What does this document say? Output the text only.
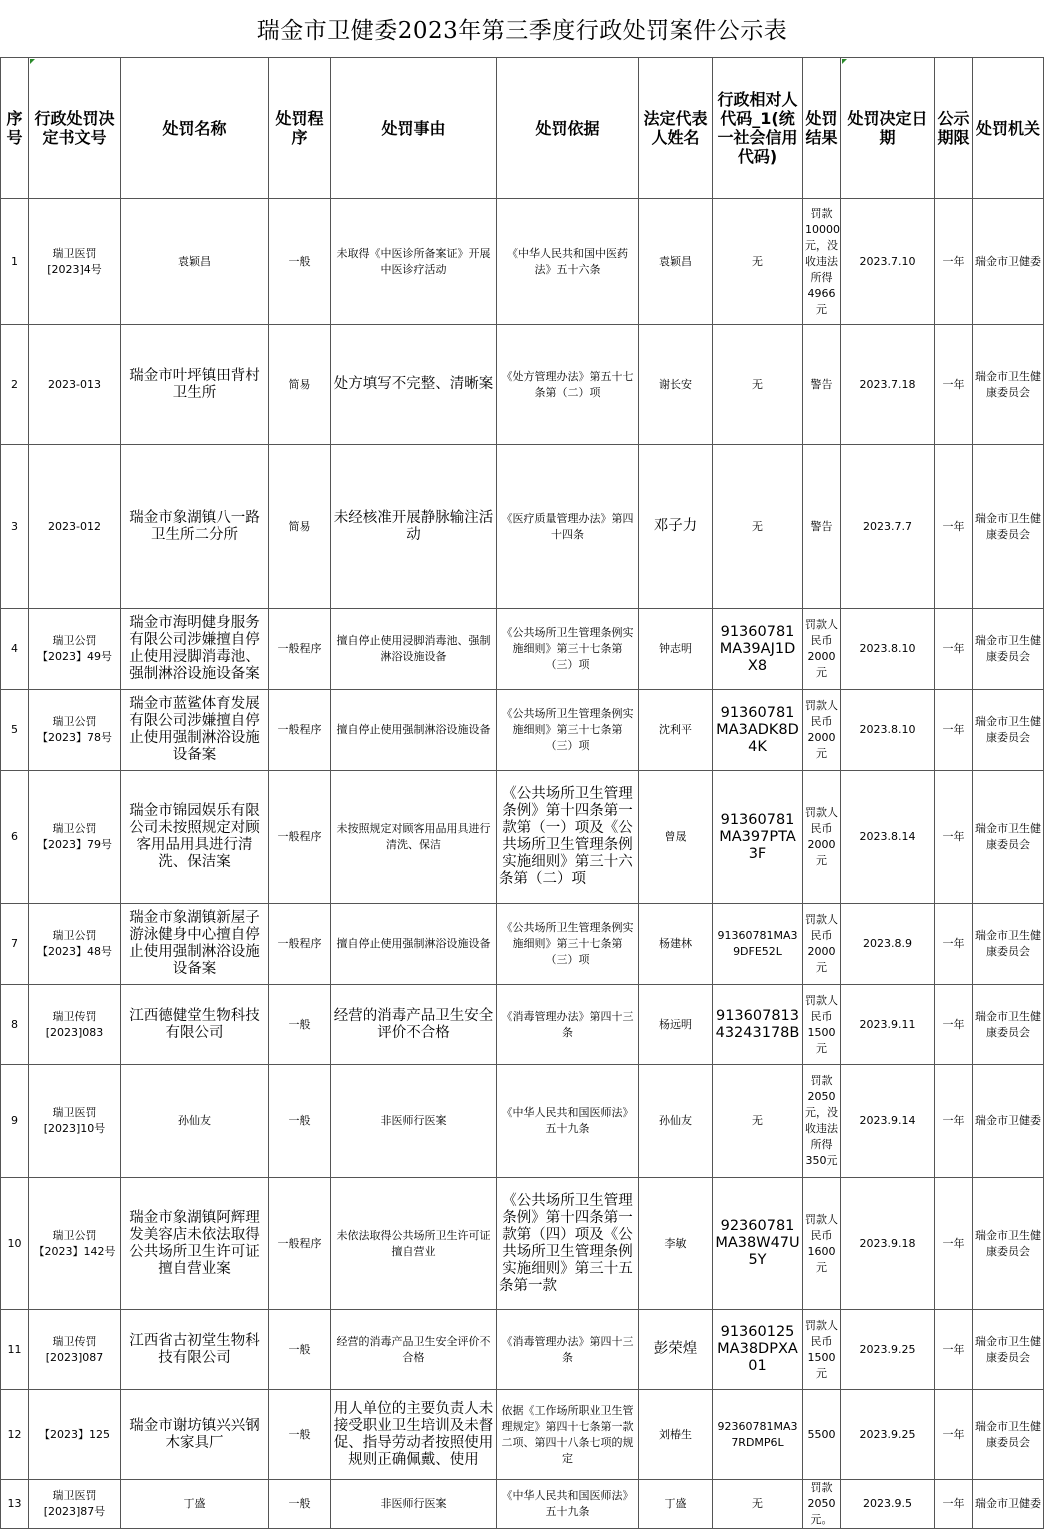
瑞金市卫健委2023年第三季度行政处罚案件公示表
序号	行政处罚决定书文号	处罚名称	处罚程序	处罚事由	处罚依据	法定代表人姓名	行政相对人代码_1(统一社会信用代码)	处罚结果	处罚决定日期	公示期限	处罚机关
1	瑞卫医罚[2023]4号	袁颖昌	一般	未取得《中医诊所备案证》开展中医诊疗活动	《中华人民共和国中医药法》五十六条	袁颖昌	无	罚款10000元，没收违法所得4966元	2023.7.10	一年	瑞金市卫健委
2	2023-013	瑞金市叶坪镇田背村卫生所	简易	处方填写不完整、清晰案	《处方管理办法》第五十七条第（二）项	谢长安	无	警告	2023.7.18	一年	瑞金市卫生健康委员会
3	2023-012	瑞金市象湖镇八一路卫生所二分所	简易	未经核准开展静脉输注活动	《医疗质量管理办法》第四十四条	邓子力	无	警告	2023.7.7	一年	瑞金市卫生健康委员会
4	瑞卫公罚【2023】49号	瑞金市海明健身服务有限公司涉嫌擅自停止使用浸脚消毒池、强制淋浴设施设备案	一般程序	擅自停止使用浸脚消毒池、强制淋浴设施设备	《公共场所卫生管理条例实施细则》第三十七条第（三）项	钟志明	91360781MA39AJ1DX8	罚款人民币2000元	2023.8.10	一年	瑞金市卫生健康委员会
5	瑞卫公罚【2023】78号	瑞金市蓝鲨体育发展有限公司涉嫌擅自停止使用强制淋浴设施设备案	一般程序	擅自停止使用强制淋浴设施设备	《公共场所卫生管理条例实施细则》第三十七条第（三）项	沈利平	91360781MA3ADK8D4K	罚款人民币2000元	2023.8.10	一年	瑞金市卫生健康委员会
6	瑞卫公罚【2023】79号	瑞金市锦园娱乐有限公司未按照规定对顾客用品用具进行清洗、保洁案	一般程序	未按照规定对顾客用品用具进行清洗、保洁	《公共场所卫生管理条例》第十四条第一款第（一）项及《公共场所卫生管理条例实施细则》第三十六条第（二）项	曾晟	91360781MA397PTA3F	罚款人民币2000元	2023.8.14	一年	瑞金市卫生健康委员会
7	瑞卫公罚【2023】48号	瑞金市象湖镇新屋子游泳健身中心擅自停止使用强制淋浴设施设备案	一般程序	擅自停止使用强制淋浴设施设备	《公共场所卫生管理条例实施细则》第三十七条第（三）项	杨建林	91360781MA39DFE52L	罚款人民币2000元	2023.8.9	一年	瑞金市卫生健康委员会
8	瑞卫传罚[2023]083	江西德健堂生物科技有限公司	一般	经营的消毒产品卫生安全评价不合格	《消毒管理办法》第四十三条	杨远明	91360781343243178B	罚款人民币1500元	2023.9.11	一年	瑞金市卫生健康委员会
9	瑞卫医罚[2023]10号	孙仙友	一般	非医师行医案	《中华人民共和国医师法》五十九条	孙仙友	无	罚款2050元，没收违法所得350元	2023.9.14	一年	瑞金市卫健委
10	瑞卫公罚【2023】142号	瑞金市象湖镇阿辉理发美容店未依法取得公共场所卫生许可证擅自营业案	一般程序	未依法取得公共场所卫生许可证擅自营业	《公共场所卫生管理条例》第十四条第一款第（四）项及《公共场所卫生管理条例实施细则》第三十五条第一款	李敏	92360781MA38W47U5Y	罚款人民币1600元	2023.9.18	一年	瑞金市卫生健康委员会
11	瑞卫传罚[2023]087	江西省古初堂生物科技有限公司	一般	经营的消毒产品卫生安全评价不合格	《消毒管理办法》第四十三条	彭荣煌	91360125MA38DPXA01	罚款人民币1500元	2023.9.25	一年	瑞金市卫生健康委员会
12	【2023】125	瑞金市谢坊镇兴兴钢木家具厂	一般	用人单位的主要负责人未接受职业卫生培训及未督促、指导劳动者按照使用规则正确佩戴、使用	依据《工作场所职业卫生管理规定》第四十七条第一款二项、第四十八条七项的规定	刘椿生	92360781MA37RDMP6L	5500	2023.9.25	一年	瑞金市卫生健康委员会
13	瑞卫医罚[2023]87号	丁盛	一般	非医师行医案	《中华人民共和国医师法》五十九条	丁盛	无	罚款2050元。	2023.9.5	一年	瑞金市卫健委
